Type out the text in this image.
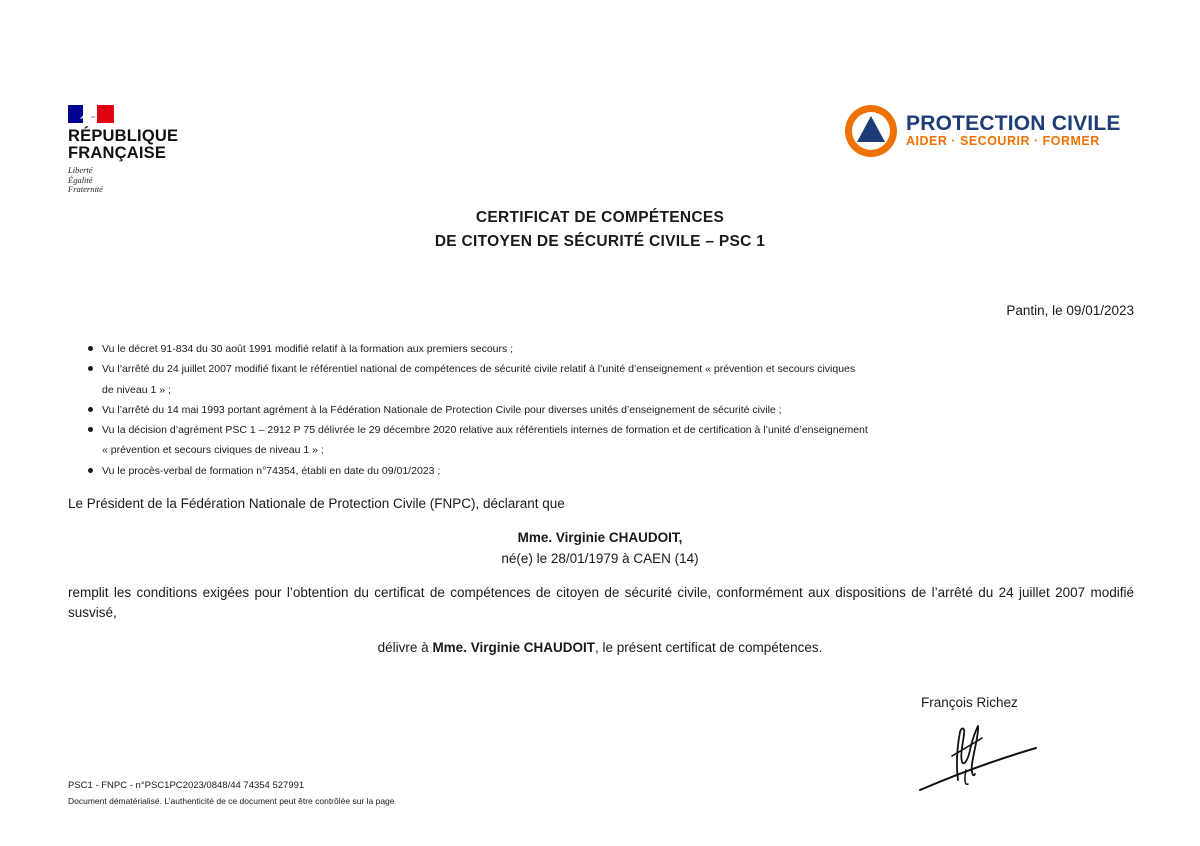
RÉPUBLIQUE
FRANÇAISE
Liberté
Égalité
Fraternité
PROTECTION CIVILE
AIDER · SECOURIR · FORMER
CERTIFICAT DE COMPÉTENCES
DE CITOYEN DE SÉCURITÉ CIVILE – PSC 1
Pantin, le 09/01/2023
Vu le décret 91-834 du 30 août 1991 modifié relatif à la formation aux premiers secours ;
Vu l’arrêté du 24 juillet 2007 modifié fixant le référentiel national de compétences de sécurité civile relatif à l’unité d’enseignement « prévention et secours civiques
de niveau 1 » ;
Vu l’arrêté du 14 mai 1993 portant agrément à la Fédération Nationale de Protection Civile pour diverses unités d’enseignement de sécurité civile ;
Vu la décision d’agrément PSC 1 – 2912 P 75 délivrée le 29 décembre 2020 relative aux référentiels internes de formation et de certification à l’unité d’enseignement
« prévention et secours civiques de niveau 1 » ;
Vu le procès-verbal de formation n°74354, établi en date du 09/01/2023 ;
Le Président de la Fédération Nationale de Protection Civile (FNPC), déclarant que
Mme. Virginie CHAUDOIT,
né(e) le 28/01/1979 à CAEN (14)
remplit les conditions exigées pour l’obtention du certificat de compétences de citoyen de sécurité civile, conformément aux dispositions de l’arrêté du 24 juillet 2007 modifié susvisé,
délivre à Mme. Virginie CHAUDOIT, le présent certificat de compétences.
François Richez
PSC1 - FNPC - n°PSC1PC2023/0848/44 74354 527991
Document dématérialisé. L’authenticité de ce document peut être contrôlée sur la page
